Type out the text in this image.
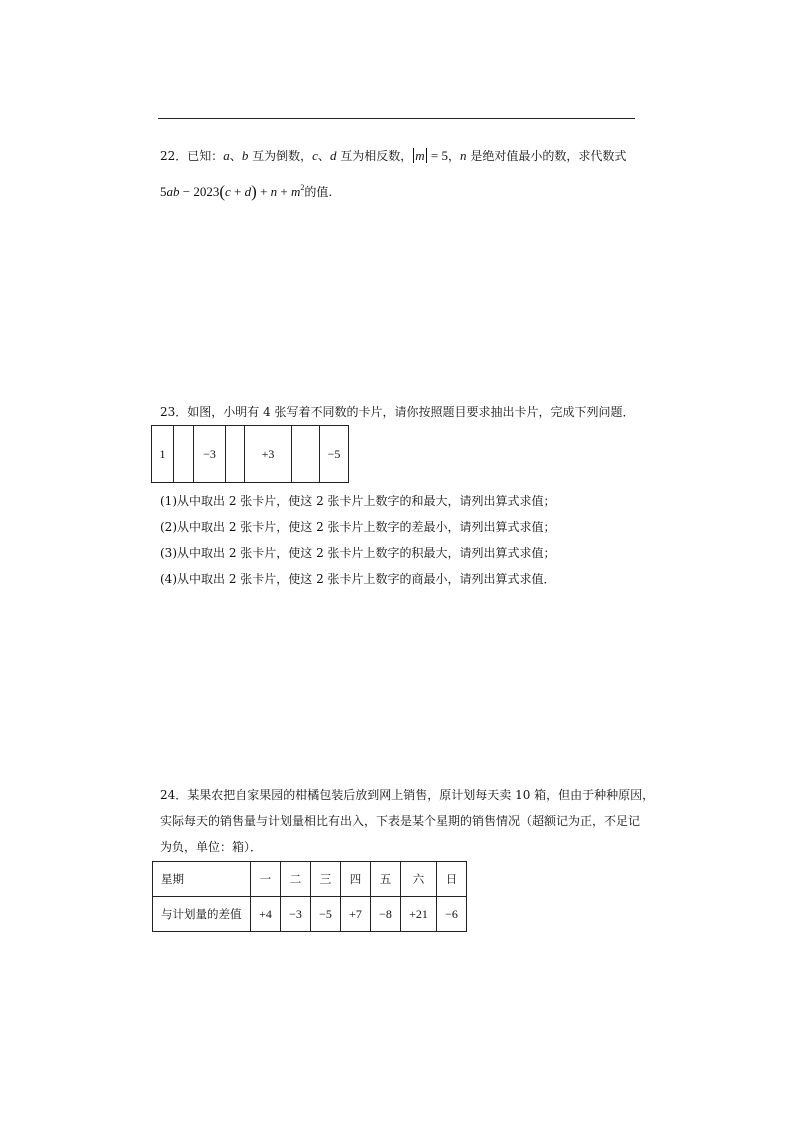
22．已知：a、b 互为倒数，c、d 互为相反数， m = 5，n 是绝对值最小的数，求代数式
$5ab - 2023(c + d) + n + m^2$的值.
23．如图，小明有 4 张写着不同数的卡片，请你按照题目要求抽出卡片，完成下列问题．
1		−3		+3		−5
(1)从中取出 2 张卡片，使这 2 张卡片上数字的和最大，请列出算式求值；
(2)从中取出 2 张卡片，使这 2 张卡片上数字的差最小，请列出算式求值；
(3)从中取出 2 张卡片，使这 2 张卡片上数字的积最大，请列出算式求值；
(4)从中取出 2 张卡片，使这 2 张卡片上数字的商最小，请列出算式求值．
24．某果农把自家果园的柑橘包装后放到网上销售，原计划每天卖 10 箱，但由于种种原因，
实际每天的销售量与计划量相比有出入，下表是某个星期的销售情况（超额记为正，不足记
为负，单位：箱）．
星期	一	二	三	四	五	六	日
与计划量的差值	+4	−3	−5	+7	−8	+21	−6
